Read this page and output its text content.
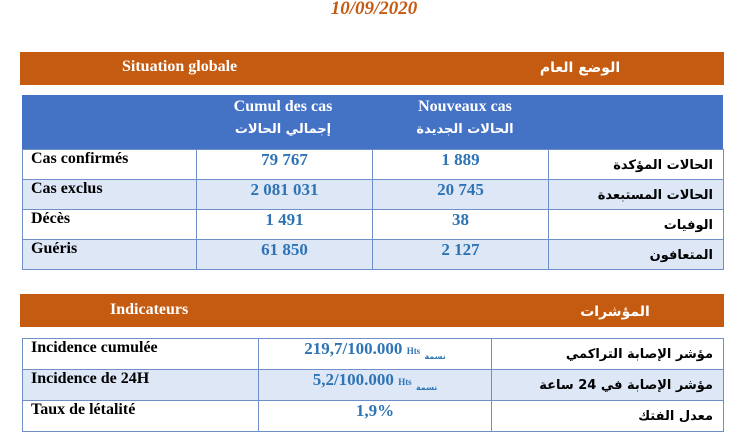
10/09/2020
Situation globale	الوضع العام
Cumul des cas
إجمالي الحالات
Nouveaux cas
الحالات الجديدة
Cas confirmés	79 767	1 889	الحالات المؤكدة

Cas exclus	2 081 031	20 745	الحالات المستبعدة

Décès	1 491	38	الوفيات

Guéris	61 850	2 127	المتعافون
Indicateurs	المؤشرات
Incidence cumulée	219,7/100.000 Hts $_{نسمة}$	مؤشر الإصابة التراكمي

Incidence de 24H	5,2/100.000 Hts $_{نسمة}$	مؤشر الإصابة في 24 ساعة

Taux de létalité	1,9%	معدل الفتك
